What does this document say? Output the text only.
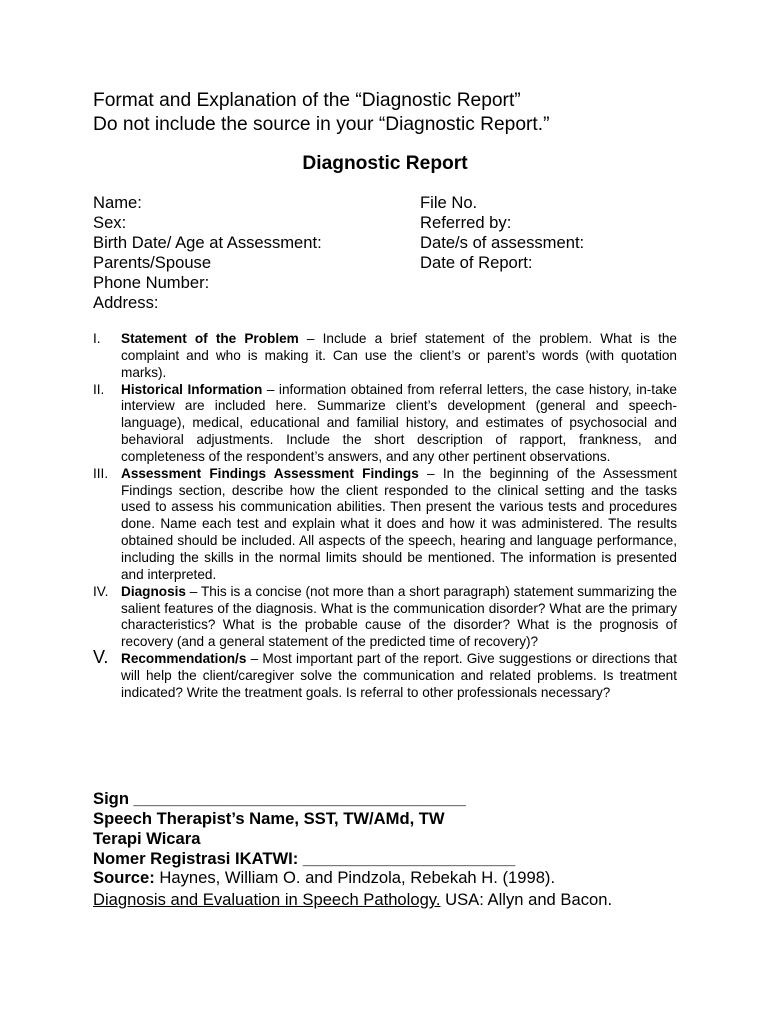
Format and Explanation of the “Diagnostic Report”
Do not include the source in your “Diagnostic Report.”
Diagnostic Report
Name:
Sex:
Birth Date/ Age at Assessment:
Parents/Spouse
Phone Number:
Address:
File No.
Referred by:
Date/s of assessment:
Date of Report:
I. Statement of the Problem – Include a brief statement of the problem. What is the complaint and who is making it. Can use the client’s or parent’s words (with quotation marks).

II. Historical Information – information obtained from referral letters, the case history, in-take interview are included here. Summarize client’s development (general and speech-language), medical, educational and familial history, and estimates of psychosocial and behavioral adjustments. Include the short description of rapport, frankness, and completeness of the respondent’s answers, and any other pertinent observations.

III. Assessment Findings Assessment Findings – In the beginning of the Assessment Findings section, describe how the client responded to the clinical setting and the tasks used to assess his communication abilities. Then present the various tests and procedures done. Name each test and explain what it does and how it was administered. The results obtained should be included. All aspects of the speech, hearing and language performance, including the skills in the normal limits should be mentioned. The information is presented and interpreted.

IV. Diagnosis – This is a concise (not more than a short paragraph) statement summarizing the salient features of the diagnosis. What is the communication disorder? What are the primary characteristics? What is the probable cause of the disorder? What is the prognosis of recovery (and a general statement of the predicted time of recovery)?

V. Recommendation/s – Most important part of the report. Give suggestions or directions that will help the client/caregiver solve the communication and related problems. Is treatment indicated? Write the treatment goals. Is referral to other professionals necessary?

Sign ____________________________________
Speech Therapist’s Name, SST, TW/AMd, TW
Terapi Wicara
Nomer Registrasi IKATWI: _______________________
Source: Haynes, William O. and Pindzola, Rebekah H. (1998).
Diagnosis and Evaluation in Speech Pathology. USA: Allyn and Bacon.
